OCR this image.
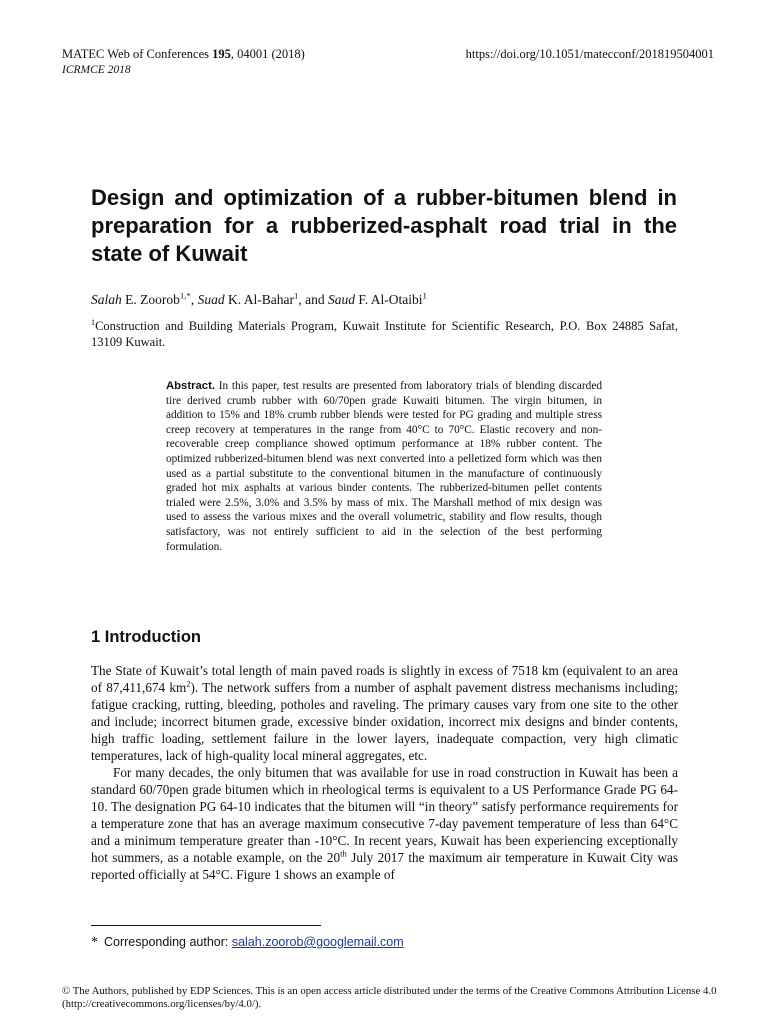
MATEC Web of Conferences 195, 04001 (2018)	https://doi.org/10.1051/matecconf/201819504001
ICRMCE 2018
Design and optimization of a rubber-bitumen blend in preparation for a rubberized-asphalt road trial in the state of Kuwait
Salah E. Zoorob$^{1,*}$, Suad K. Al-Bahar$^1$, and Saud F. Al-Otaibi$^1$
$^1$Construction and Building Materials Program, Kuwait Institute for Scientific Research, P.O. Box 24885 Safat, 13109 Kuwait.
Abstract. In this paper, test results are presented from laboratory trials of blending discarded tire derived crumb rubber with 60/70pen grade Kuwaiti bitumen. The virgin bitumen, in addition to 15% and 18% crumb rubber blends were tested for PG grading and multiple stress creep recovery at temperatures in the range from 40°C to 70°C. Elastic recovery and non-recoverable creep compliance showed optimum performance at 18% rubber content. The optimized rubberized-bitumen blend was next converted into a pelletized form which was then used as a partial substitute to the conventional bitumen in the manufacture of continuously graded hot mix asphalts at various binder contents. The rubberized-bitumen pellet contents trialed were 2.5%, 3.0% and 3.5% by mass of mix. The Marshall method of mix design was used to assess the various mixes and the overall volumetric, stability and flow results, though satisfactory, was not entirely sufficient to aid in the selection of the best performing formulation.
1 Introduction

The State of Kuwait’s total length of main paved roads is slightly in excess of 7518 km (equivalent to an area of 87,411,674 $km^2$). The network suffers from a number of asphalt pavement distress mechanisms including; fatigue cracking, rutting, bleeding, potholes and raveling. The primary causes vary from one site to the other and include; incorrect bitumen grade, excessive binder oxidation, incorrect mix designs and binder contents, high traffic loading, settlement failure in the lower layers, inadequate compaction, very high climatic temperatures, lack of high-quality local mineral aggregates, etc.

For many decades, the only bitumen that was available for use in road construction in Kuwait has been a standard 60/70pen grade bitumen which in rheological terms is equivalent to a US Performance Grade PG 64-10. The designation PG 64-10 indicates that the bitumen will “in theory” satisfy performance requirements for a temperature zone that has an average maximum consecutive 7-day pavement temperature of less than 64°C and a minimum temperature greater than -10°C. In recent years, Kuwait has been experiencing exceptionally hot summers, as a notable example, on the 20th July 2017 the maximum air temperature in Kuwait City was reported officially at 54°C. Figure 1 shows an example of

* Corresponding author: salah.zoorob@googlemail.com
© The Authors, published by EDP Sciences. This is an open access article distributed under the terms of the Creative Commons Attribution License 4.0 (http://creativecommons.org/licenses/by/4.0/).
